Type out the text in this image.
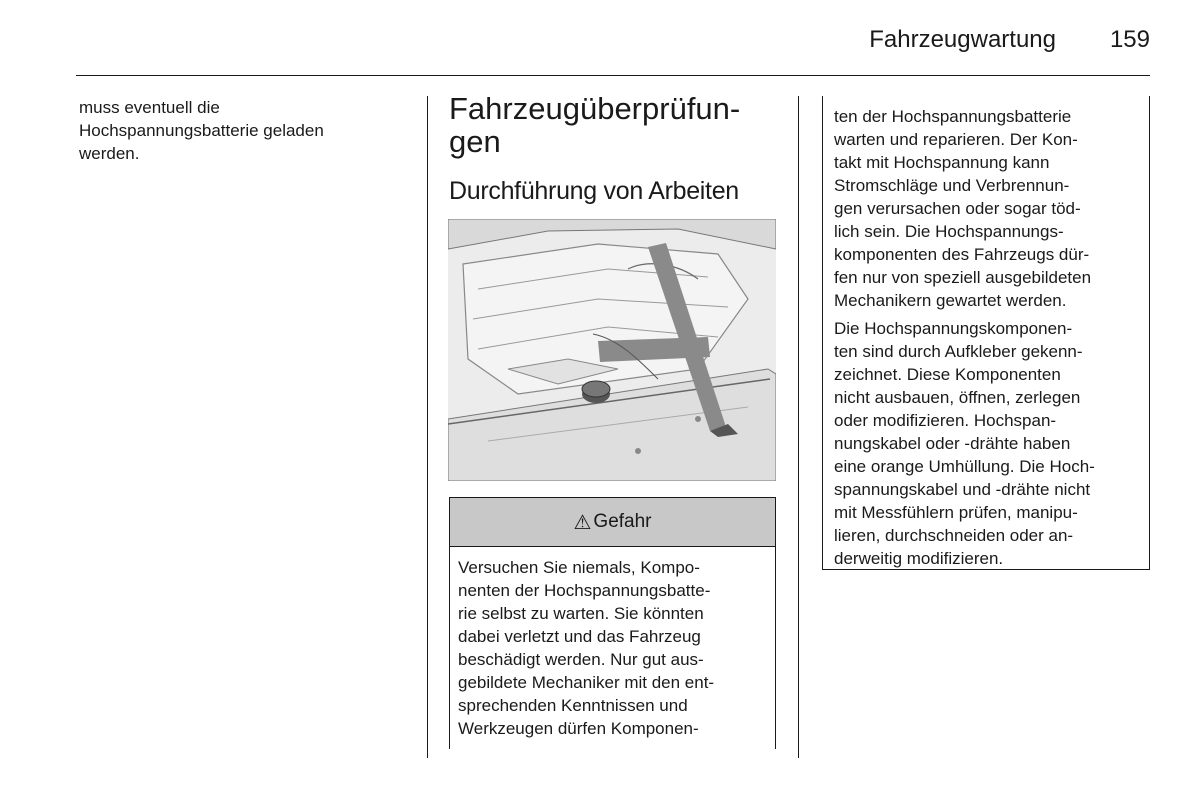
Fahrzeugwartung	159
muss eventuell die
Hochspannungsbatterie geladen
werden.
Fahrzeugüberprüfun-
gen
Durchführung von Arbeiten
⚠ Gefahr
Versuchen Sie niemals, Kompo-
nenten der Hochspannungsbatte-
rie selbst zu warten. Sie könnten
dabei verletzt und das Fahrzeug
beschädigt werden. Nur gut aus-
gebildete Mechaniker mit den ent-
sprechenden Kenntnissen und
Werkzeugen dürfen Komponen-
ten der Hochspannungsbatterie
warten und reparieren. Der Kon-
takt mit Hochspannung kann
Stromschläge und Verbrennun-
gen verursachen oder sogar töd-
lich sein. Die Hochspannungs-
komponenten des Fahrzeugs dür-
fen nur von speziell ausgebildeten
Mechanikern gewartet werden.
Die Hochspannungskomponen-
ten sind durch Aufkleber gekenn-
zeichnet. Diese Komponenten
nicht ausbauen, öffnen, zerlegen
oder modifizieren. Hochspan-
nungskabel oder -drähte haben
eine orange Umhüllung. Die Hoch-
spannungskabel und -drähte nicht
mit Messfühlern prüfen, manipu-
lieren, durchschneiden oder an-
derweitig modifizieren.
